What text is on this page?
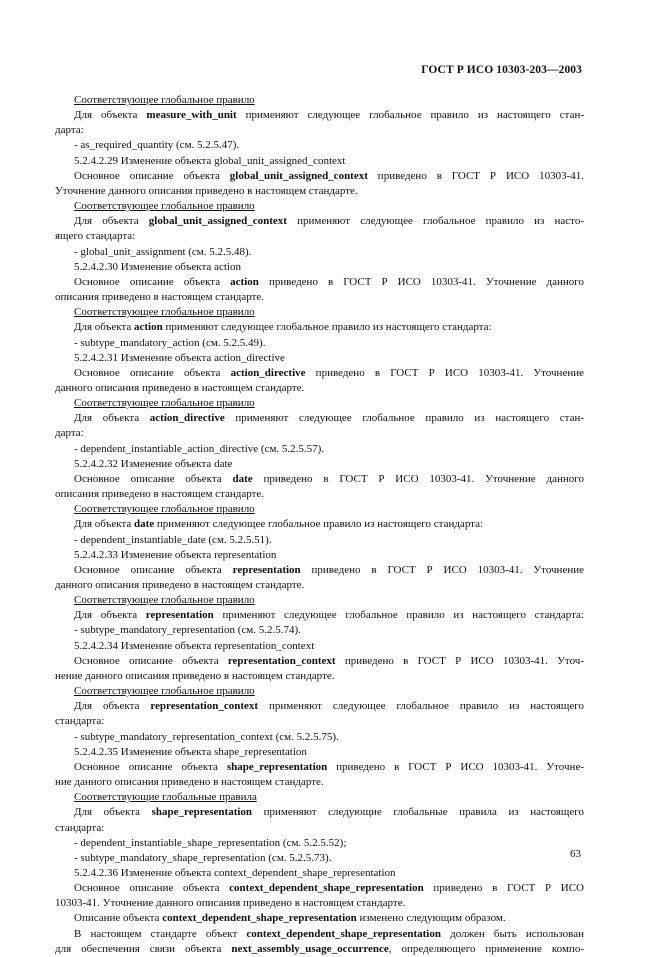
ГОСТ Р ИСО 10303-203—2003
Соответствующее глобальное правило
Для объекта measure_with_unit применяют следующее глобальное правило из настоящего стан-
дарта:
- as_required_quantity (см. 5.2.5.47).
5.2.4.2.29 Изменение объекта global_unit_assigned_context
Основное описание объекта global_unit_assigned_context приведено в ГОСТ Р ИСО 10303-41.
Уточнение данного описания приведено в настоящем стандарте.
Соответствующее глобальное правило
Для объекта global_unit_assigned_context применяют следующее глобальное правило из насто-
ящего стандарта:
- global_unit_assignment (см. 5.2.5.48).
5.2.4.2.30 Изменение объекта action
Основное описание объекта action приведено в ГОСТ Р ИСО 10303-41. Уточнение данного
описания приведено в настоящем стандарте.
Соответствующее глобальное правило
Для объекта action применяют следующее глобальное правило из настоящего стандарта:
- subtype_mandatory_action (см. 5.2.5.49).
5.2.4.2.31 Изменение объекта action_directive
Основное описание объекта action_directive приведено в ГОСТ Р ИСО 10303-41. Уточнение
данного описания приведено в настоящем стандарте.
Соответствующее глобальное правило
Для объекта action_directive применяют следующее глобальное правило из настоящего стан-
дарта:
- dependent_instantiable_action_directive (см. 5.2.5.57).
5.2.4.2.32 Изменение объекта date
Основное описание объекта date приведено в ГОСТ Р ИСО 10303-41. Уточнение данного
описания приведено в настоящем стандарте.
Соответствующее глобальное правило
Для объекта date применяют следующее глобальное правило из настоящего стандарта:
- dependent_instantiable_date (см. 5.2.5.51).
5.2.4.2.33 Изменение объекта representation
Основное описание объекта representation приведено в ГОСТ Р ИСО 10303-41. Уточнение
данного описания приведено в настоящем стандарте.
Соответствующее глобальное правило
Для объекта representation применяют следующее глобальное правило из настоящего стандарта:
- subtype_mandatory_representation (см. 5.2.5.74).
5.2.4.2.34 Изменение объекта representation_context
Основное описание объекта representation_context приведено в ГОСТ Р ИСО 10303-41. Уточ-
нение данного описания приведено в настоящем стандарте.
Соответствующее глобальное правило
Для объекта representation_context применяют следующее глобальное правило из настоящего
стандарта:
- subtype_mandatory_representation_context (см. 5.2.5.75).
5.2.4.2.35 Изменение объекта shape_representation
Основное описание объекта shape_representation приведено в ГОСТ Р ИСО 10303-41. Уточне-
ние данного описания приведено в настоящем стандарте.
Соответствующие глобальные правила
Для объекта shape_representation применяют следующие глобальные правила из настоящего
стандарта:
- dependent_instantiable_shape_representation (см. 5.2.5.52);
- subtype_mandatory_shape_representation (см. 5.2.5.73).
5.2.4.2.36 Изменение объекта context_dependent_shape_representation
Основное описание объекта context_dependent_shape_representation приведено в ГОСТ Р ИСО
10303-41. Уточнение данного описания приведено в настоящем стандарте.
Описание объекта context_dependent_shape_representation изменено следующим образом.
В настоящем стандарте объект context_dependent_shape_representation должен быть использован
для обеспечения связи объекта next_assembly_usage_occurrence, определяющего применение компо-
63
